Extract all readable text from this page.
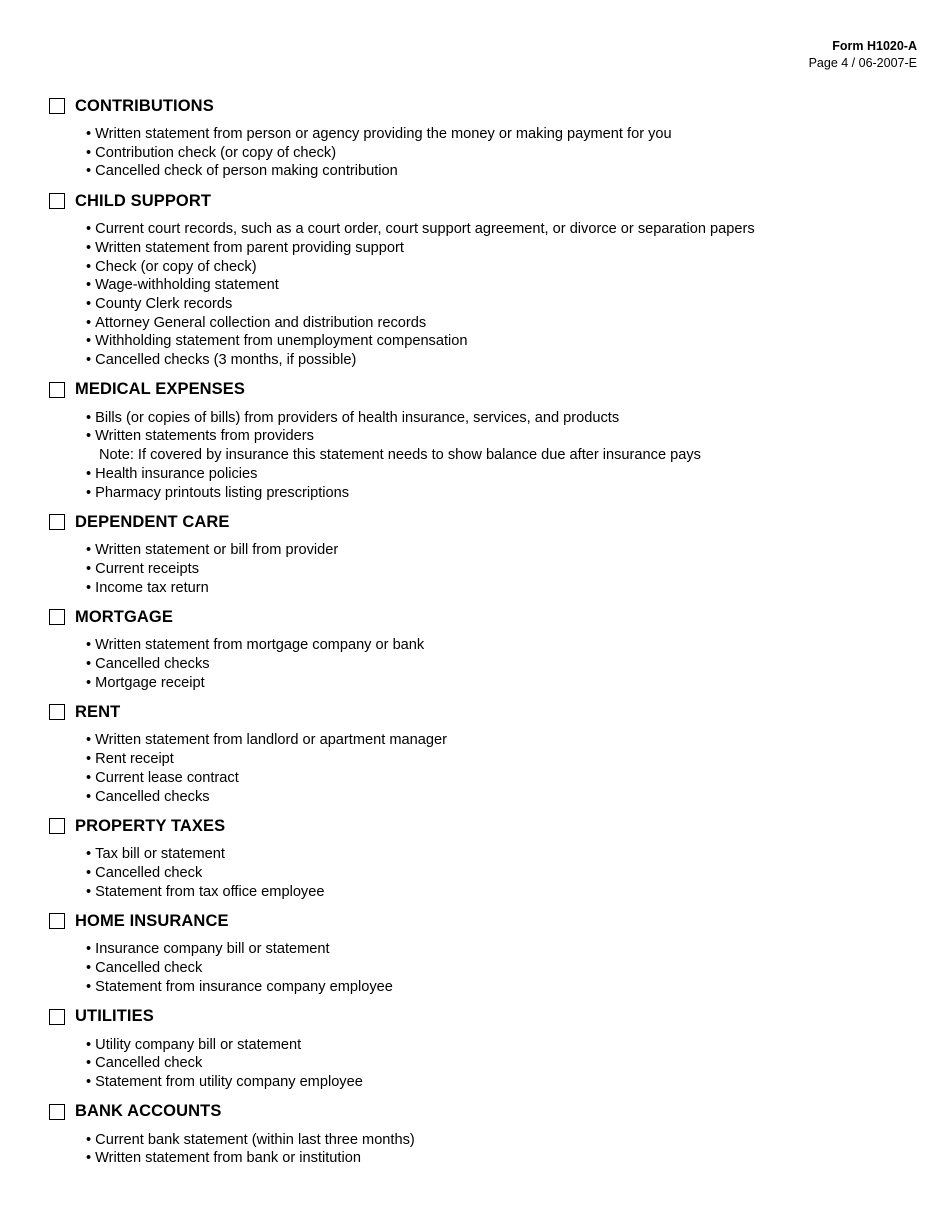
Form H1020-A
Page 4 / 06-2007-E
CONTRIBUTIONS
• Written statement from person or agency providing the money or making payment for you
• Contribution check (or copy of check)
• Cancelled check of person making contribution
CHILD SUPPORT
• Current court records, such as a court order, court support agreement, or divorce or separation papers
• Written statement from parent providing support
• Check (or copy of check)
• Wage-withholding statement
• County Clerk records
• Attorney General collection and distribution records
• Withholding statement from unemployment compensation
• Cancelled checks (3 months, if possible)
MEDICAL EXPENSES
• Bills (or copies of bills) from providers of health insurance, services, and products
• Written statements from providers
Note: If covered by insurance this statement needs to show balance due after insurance pays
• Health insurance policies
• Pharmacy printouts listing prescriptions
DEPENDENT CARE
• Written statement or bill from provider
• Current receipts
• Income tax return
MORTGAGE
• Written statement from mortgage company or bank
• Cancelled checks
• Mortgage receipt
RENT
• Written statement from landlord or apartment manager
• Rent receipt
• Current lease contract
• Cancelled checks
PROPERTY TAXES
• Tax bill or statement
• Cancelled check
• Statement from tax office employee
HOME INSURANCE
• Insurance company bill or statement
• Cancelled check
• Statement from insurance company employee
UTILITIES
• Utility company bill or statement
• Cancelled check
• Statement from utility company employee
BANK ACCOUNTS
• Current bank statement (within last three months)
• Written statement from bank or institution
